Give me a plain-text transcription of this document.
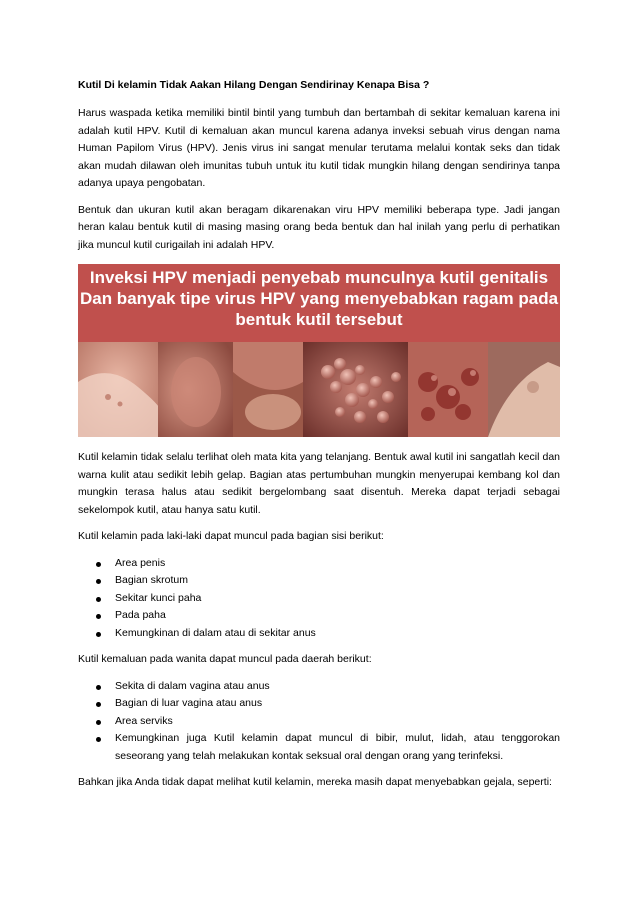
Kutil Di kelamin Tidak Aakan Hilang Dengan Sendirinay Kenapa Bisa ?

Harus waspada ketika memiliki bintil bintil yang tumbuh dan bertambah di sekitar kemaluan karena ini adalah kutil HPV. Kutil di kemaluan akan muncul karena adanya inveksi sebuah virus dengan nama Human Papilom Virus (HPV). Jenis virus ini sangat menular terutama melalui kontak seks dan tidak akan mudah dilawan oleh imunitas tubuh untuk itu kutil tidak mungkin hilang dengan sendirinya tanpa adanya upaya pengobatan.

Bentuk dan ukuran kutil akan beragam dikarenakan viru HPV memiliki beberapa type. Jadi jangan heran kalau bentuk kutil di masing masing orang beda bentuk dan hal inilah yang perlu di perhatikan jika muncul kutil curigailah ini adalah HPV.

Inveksi HPV menjadi penyebab munculnya kutil genitalis
Dan banyak tipe virus HPV yang menyebabkan ragam pada
bentuk kutil tersebut

Kutil kelamin tidak selalu terlihat oleh mata kita yang telanjang. Bentuk awal kutil ini sangatlah kecil dan warna kulit atau sedikit lebih gelap. Bagian atas pertumbuhan mungkin menyerupai kembang kol dan mungkin terasa halus atau sedikit bergelombang saat disentuh. Mereka dapat terjadi sebagai sekelompok kutil, atau hanya satu kutil.

Kutil kelamin pada laki-laki dapat muncul pada bagian sisi berikut:

Area penis
Bagian skrotum
Sekitar kunci paha
Pada paha
Kemungkinan di dalam atau di sekitar anus

Kutil kemaluan pada wanita dapat muncul pada daerah berikut:

Sekita di dalam vagina atau anus
Bagian di luar vagina atau anus
Area serviks
Kemungkinan juga Kutil kelamin dapat muncul di bibir, mulut, lidah, atau tenggorokan seseorang yang telah melakukan kontak seksual oral dengan orang yang terinfeksi.

Bahkan jika Anda tidak dapat melihat kutil kelamin, mereka masih dapat menyebabkan gejala, seperti:
